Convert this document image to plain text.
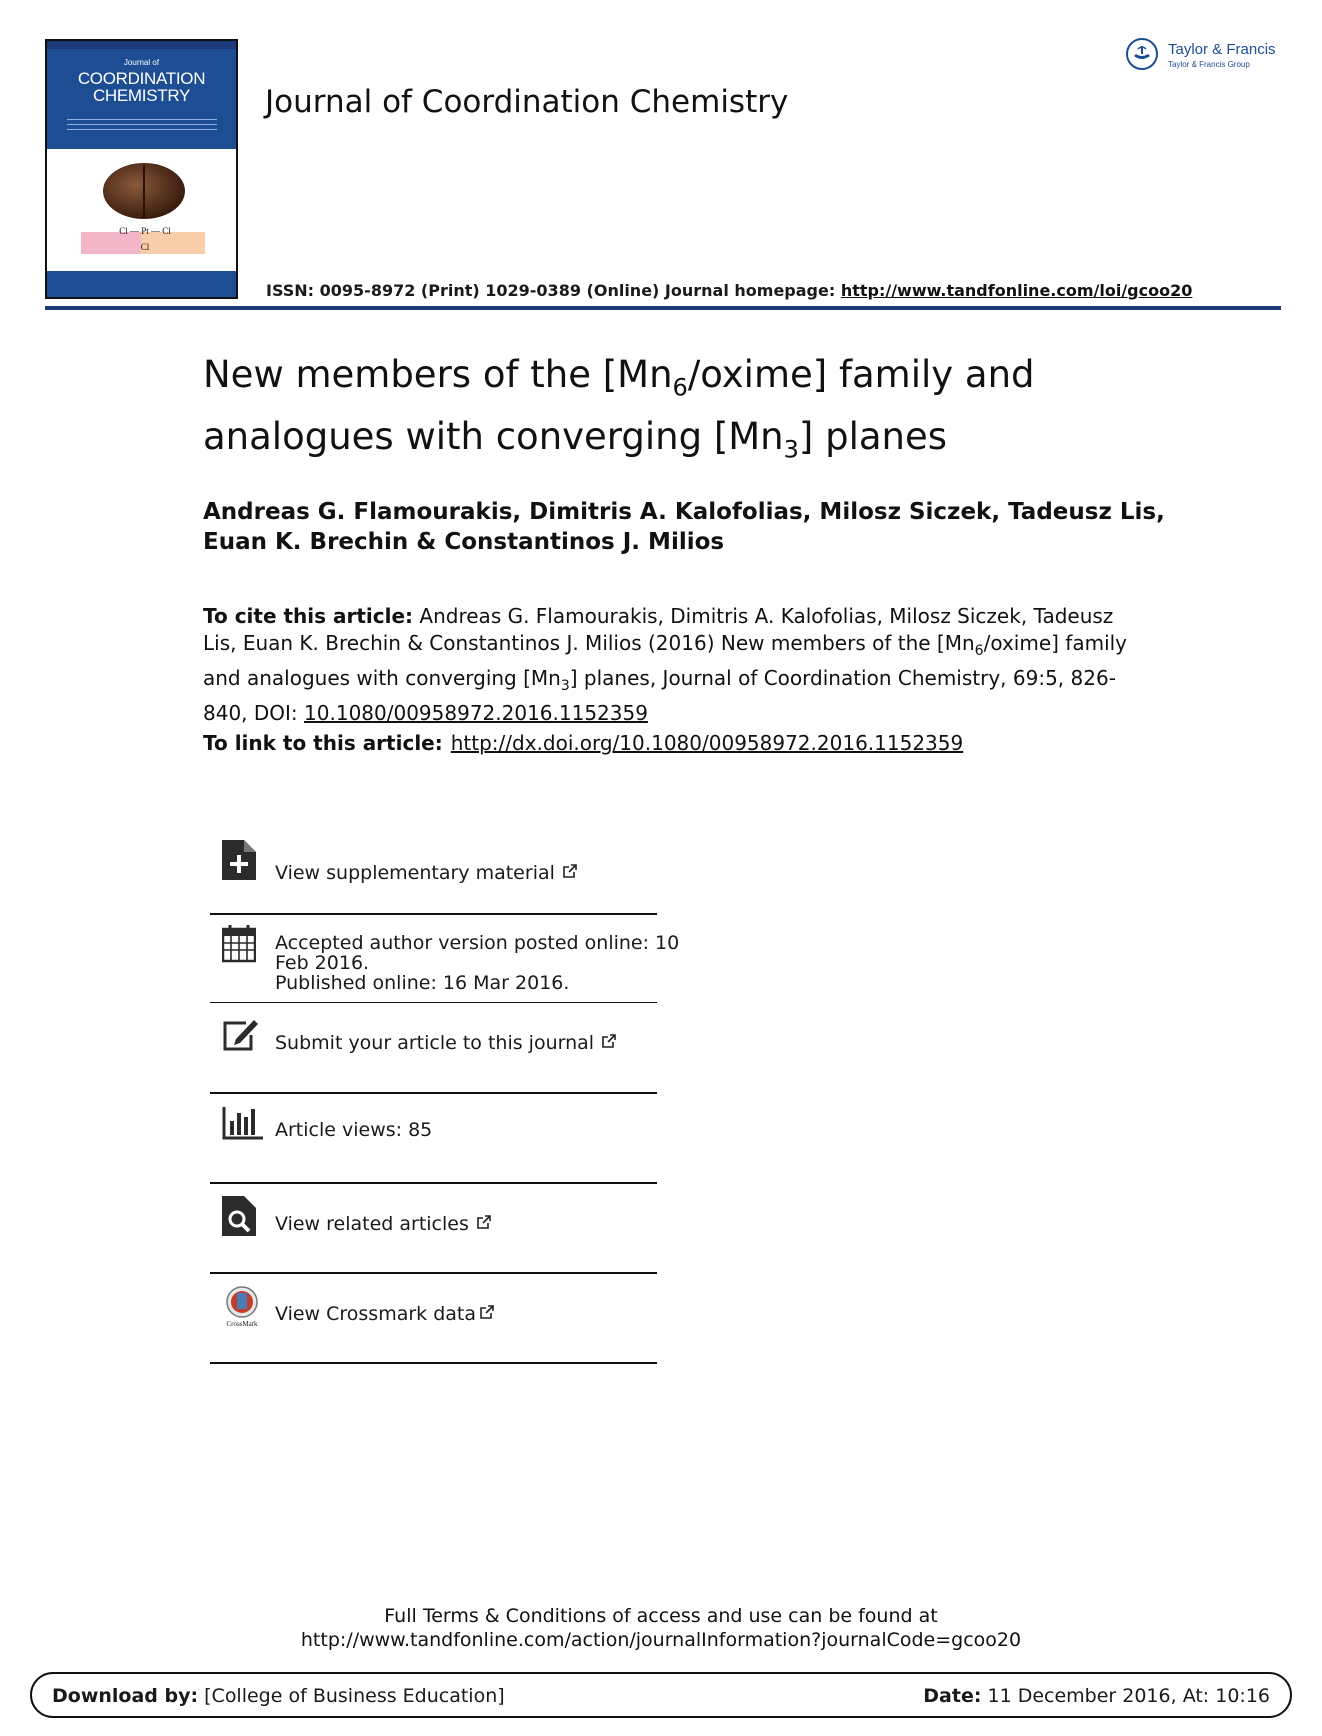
Journal of
COORDINATION
CHEMISTRY
Cl — Pt — Cl
Cl
Journal of Coordination Chemistry
ISSN: 0095-8972 (Print) 1029-0389 (Online) Journal homepage: http://www.tandfonline.com/loi/gcoo20
Taylor & Francis
Taylor & Francis Group
New members of the $[Mn_6/oxime]$ family and
analogues with converging $[Mn_3]$ planes
Andreas G. Flamourakis, Dimitris A. Kalofolias, Milosz Siczek, Tadeusz Lis,
Euan K. Brechin & Constantinos J. Milios
To cite this article: Andreas G. Flamourakis, Dimitris A. Kalofolias, Milosz Siczek, Tadeusz Lis, Euan K. Brechin & Constantinos J. Milios (2016) New members of the $[Mn_6/oxime]$ family and analogues with converging $[Mn_3]$ planes, Journal of Coordination Chemistry, 69:5, 826-840, DOI: 10.1080/00958972.2016.1152359
To link to this article: http://dx.doi.org/10.1080/00958972.2016.1152359
View supplementary material
Accepted author version posted online: 10
Feb 2016.
Published online: 16 Mar 2016.
Submit your article to this journal
Article views: 85
View related articles
CrossMark View Crossmark data
Full Terms & Conditions of access and use can be found at
http://www.tandfonline.com/action/journalInformation?journalCode=gcoo20
Download by: [College of Business Education]	Date: 11 December 2016, At: 10:16
